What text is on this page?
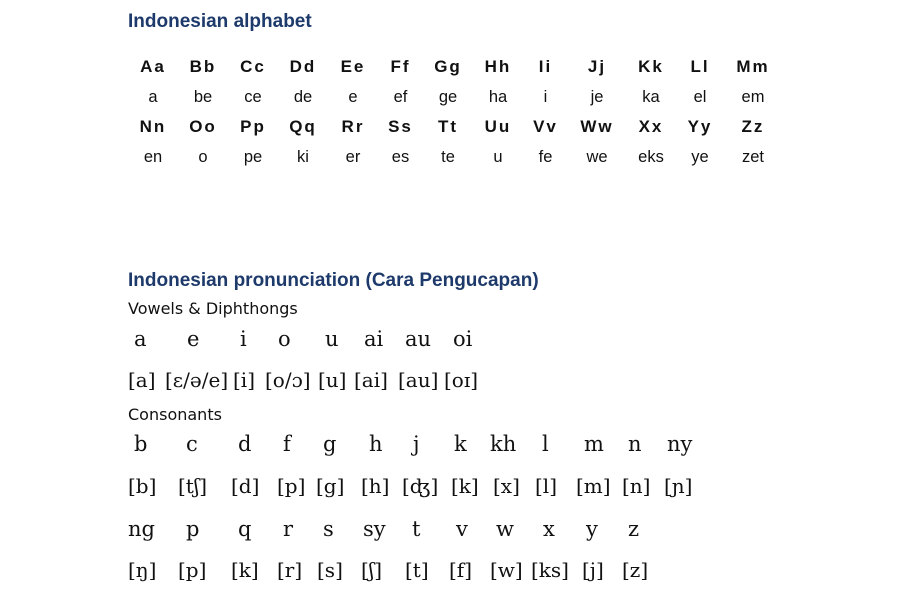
Indonesian alphabet
Aa	Bb	Cc	Dd	Ee	Ff	Gg	Hh	Ii	Jj	Kk	Ll	Mm
a	be	ce	de	e	ef	ge	ha	i	je	ka	el	em
Nn	Oo	Pp	Qq	Rr	Ss	Tt	Uu	Vv	Ww	Xx	Yy	Zz
en	o	pe	ki	er	es	te	u	fe	we	eks	ye	zet
Indonesian pronunciation (Cara Pengucapan)
Vowels & Diphthongs
a e i o u ai au oi
[a] [ɛ/ə/e] [i] [o/ɔ] [u] [ai] [au] [oɪ]
Consonants
b c d f g h j k kh l m n ny
[b] [tʃ] [d] [p] [g] [h] [ʤ] [k] [x] [l] [m] [n] [ɲ]
ng p q r s sy t v w x y z
[ŋ] [p] [k] [r] [s] [ʃ] [t] [f] [w] [ks] [j] [z]
